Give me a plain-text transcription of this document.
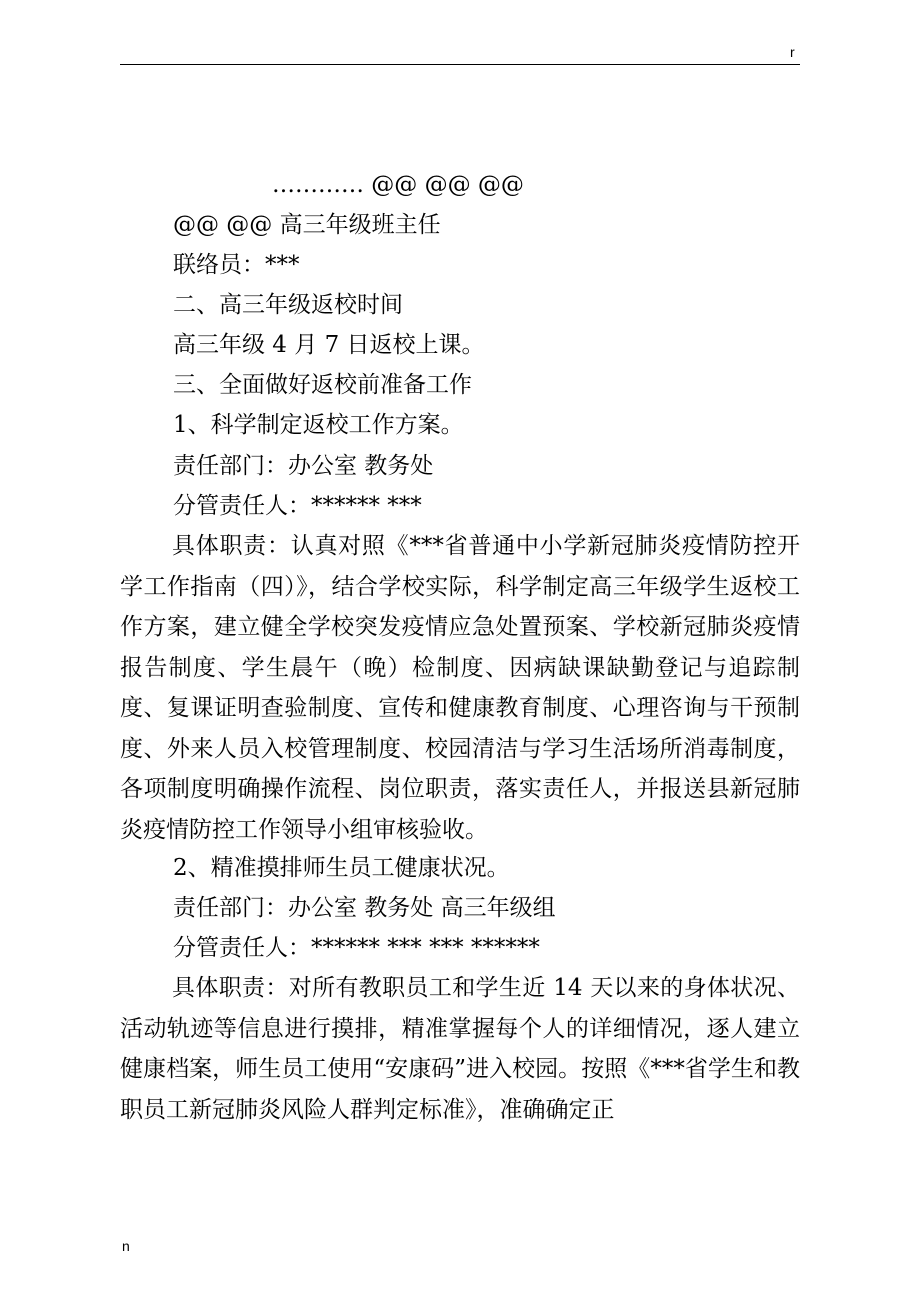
r
………… @@ @@ @@
@@ @@ 高三年级班主任
联络员：***
二、高三年级返校时间
高三年级 4 月 7 日返校上课。
三、全面做好返校前准备工作
1、科学制定返校工作方案。
责任部门：办公室 教务处
分管责任人：****** ***
具体职责：认真对照《***省普通中小学新冠肺炎疫情防控开学工作指南（四）》，结合学校实际，科学制定高三年级学生返校工作方案，建立健全学校突发疫情应急处置预案、学校新冠肺炎疫情报告制度、学生晨午（晚）检制度、因病缺课缺勤登记与追踪制度、复课证明查验制度、宣传和健康教育制度、心理咨询与干预制度、外来人员入校管理制度、校园清洁与学习生活场所消毒制度，各项制度明确操作流程、岗位职责，落实责任人，并报送县新冠肺炎疫情防控工作领导小组审核验收。
2、精准摸排师生员工健康状况。
责任部门：办公室 教务处 高三年级组
分管责任人：****** *** *** ******
具体职责：对所有教职员工和学生近 14 天以来的身体状况、活动轨迹等信息进行摸排，精准掌握每个人的详细情况，逐人建立健康档案，师生员工使用“安康码”进入校园。按照《***省学生和教职员工新冠肺炎风险人群判定标准》，准确确定正
n
